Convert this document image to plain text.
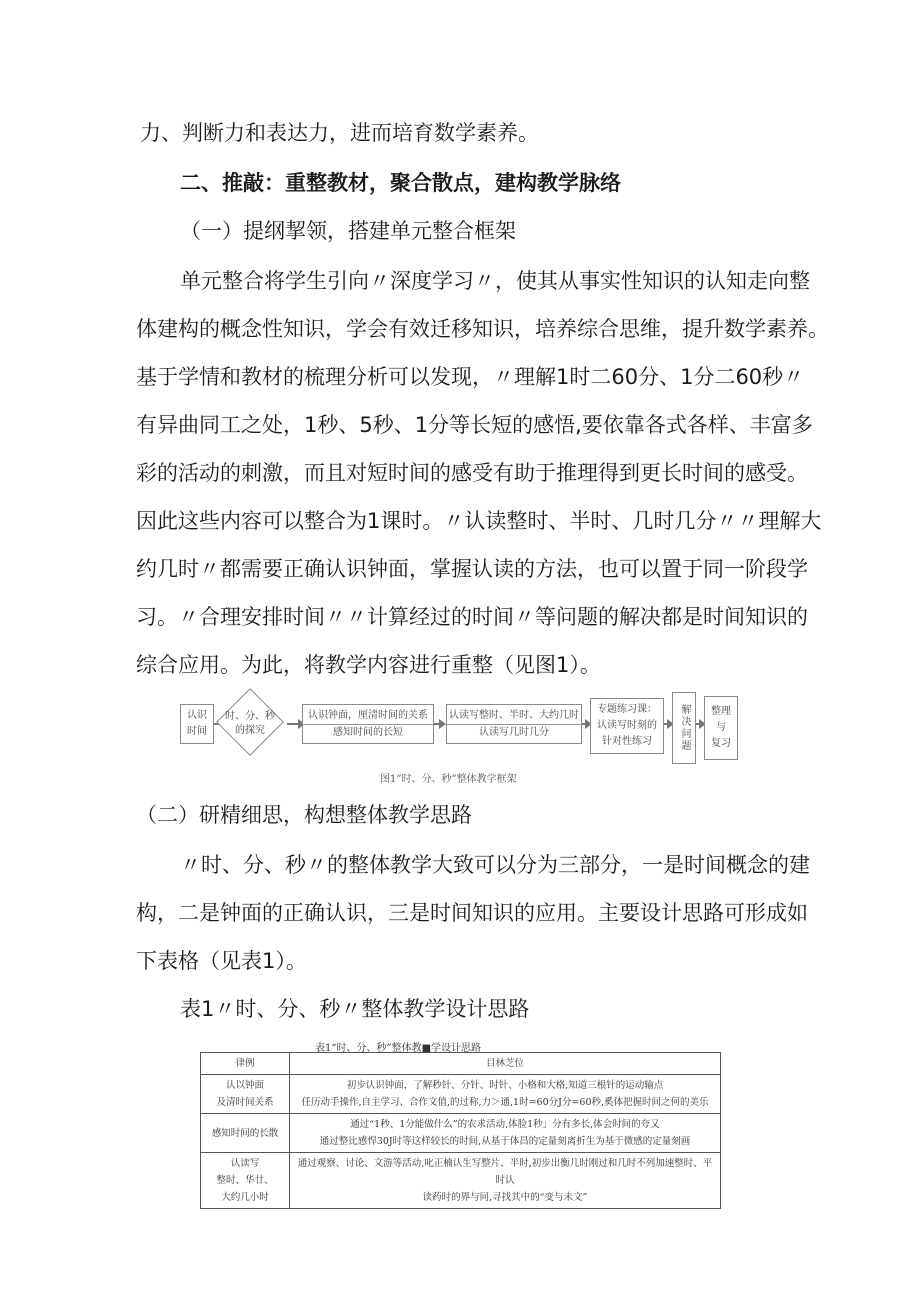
力、判断力和表达力，进而培育数学素养。
二、推敲：重整教材，聚合散点，建构教学脉络
（一）提纲挈领，搭建单元整合框架
单元整合将学生引向〃深度学习〃，使其从事实性知识的认知走向整
体建构的概念性知识，学会有效迁移知识，培养综合思维，提升数学素养。
基于学情和教材的梳理分析可以发现，〃理解1时二60分、1分二60秒〃
有异曲同工之处，1秒、5秒、1分等长短的感悟,要依靠各式各样、丰富多
彩的活动的刺激，而且对短时间的感受有助于推理得到更长时间的感受。
因此这些内容可以整合为1课时。〃认读整时、半时、几时几分〃〃理解大
约几时〃都需要正确认识钟面，掌握认读的方法，也可以置于同一阶段学
习。〃合理安排时间〃〃计算经过的时间〃等问题的解决都是时间知识的
综合应用。为此，将教学内容进行重整（见图1）。
认识
时间
时、分、秒
的探究
认识钟面，厘清时间的关系
感知时间的长短
认读写整时、半时、大约几时
认读写几时几分
专题练习课：
认读写时刻的
针对性练习	解决问题 整理
与
复习
图1”时、分、秒”整体教学框架
（二）研精细思，构想整体教学思路
〃时、分、秒〃的整体教学大致可以分为三部分，一是时间概念的建
构，二是钟面的正确认识，三是时间知识的应用。主要设计思路可形成如
下表格（见表1）。
表1〃时、分、秒〃整体教学设计思路
表1“时、分、秒”整体教■学设计思路
律例	目林芝位

认以钟面
及清时间关系	初步认识钟面，了解秒针、分针、时针、小格和大格,知道三根针的运动输点
任历动手操作,自主学习、合作文值,的过称,力＞通,1时=60分J分=60秒,奚体把握时间之何的美乐

感知时间的长散	通过“1秒、1分能做什么”的农求活动,体脸1秒」分有多长,体会时间的夸又
通过整比感悍30J时等这样较长的时间,从基于体昌的定量刻离折生为基于微感的定量刻画

认读写
整时、华廿、
大约几小时	通过观察、讨论、文游等活动,叱正楠认生写整片、半时,初步出衡几时刚过和几时不列加速整时、平时认
读药时的界与同,寻找其中的“变与未文”
